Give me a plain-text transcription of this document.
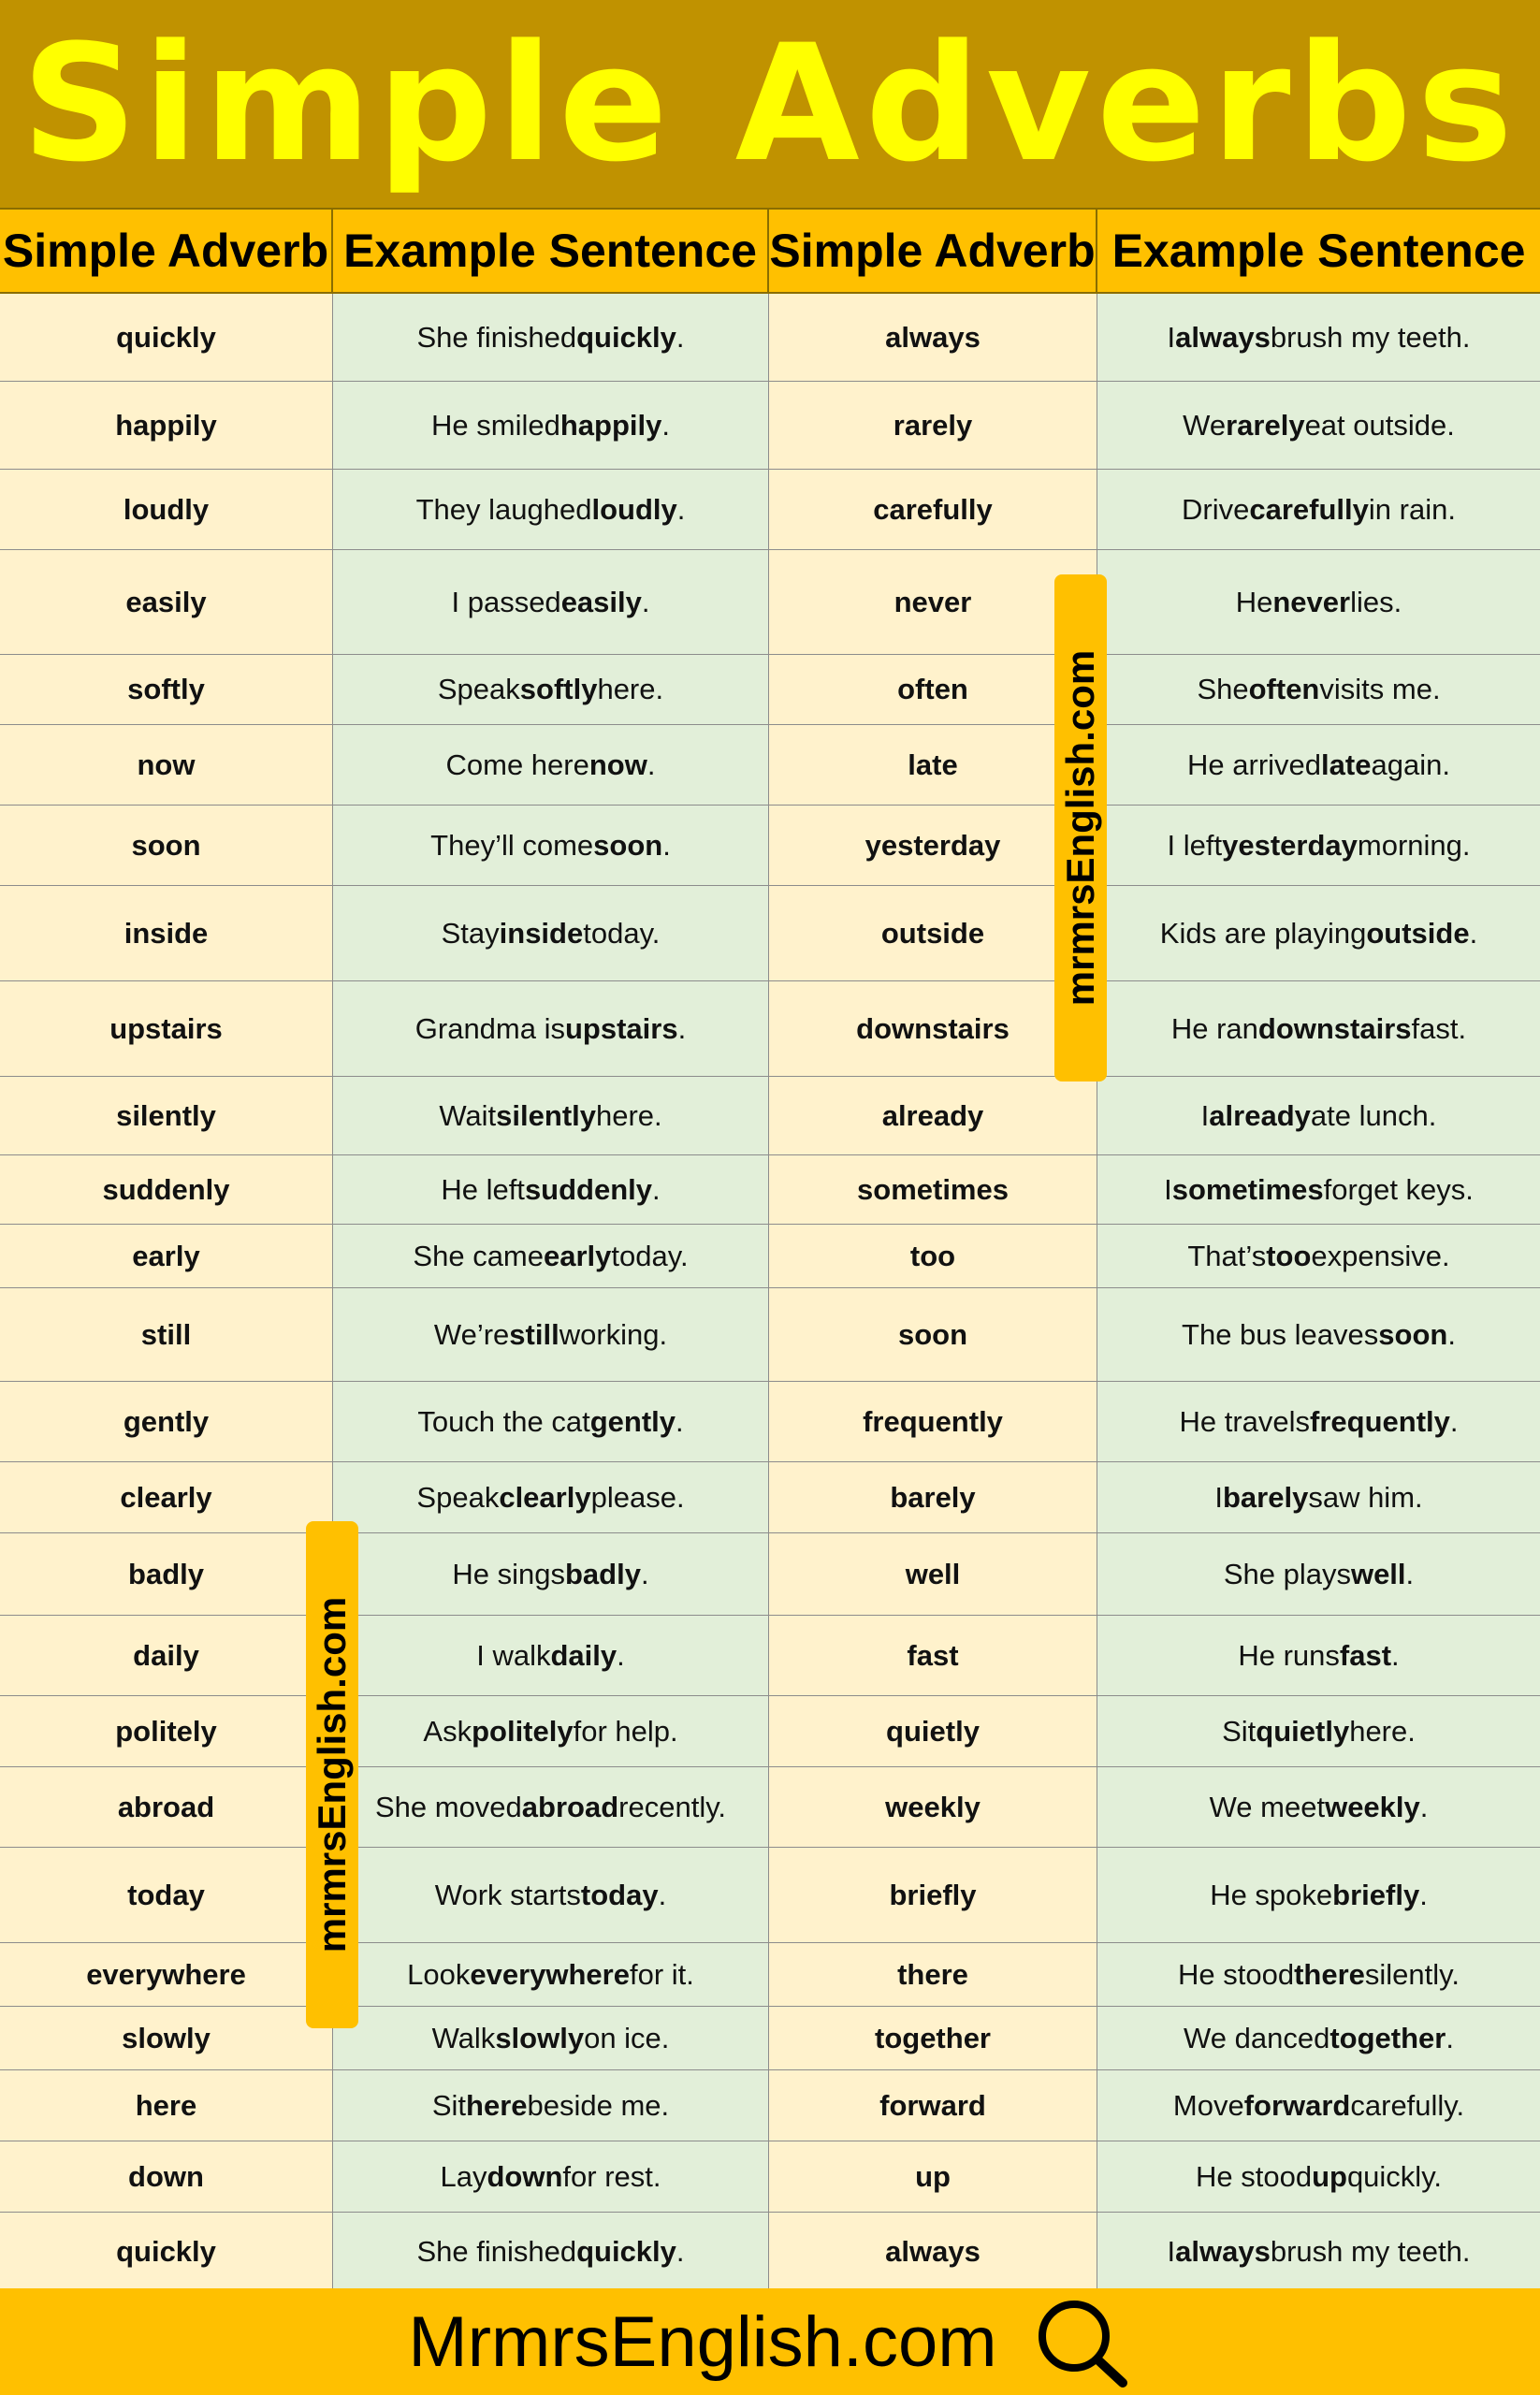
Simple Adverbs
Simple Adverb Example Sentence Simple Adverb Example Sentence
quickly	She finished quickly .	always	I always brush my teeth.
happily	He smiled happily .	rarely	We rarely eat outside.
loudly	They laughed loudly .	carefully	Drive carefully in rain.
easily	I passed easily .	never	He never lies.
softly	Speak softly here.	often	She often visits me.
now	Come here now .	late	He arrived late again.
soon	They’ll come soon .	yesterday	I left yesterday morning.
inside	Stay inside today.	outside	Kids are playing outside .
upstairs	Grandma is upstairs .	downstairs	He ran downstairs fast.
silently	Wait silently here.	already	I already ate lunch.
suddenly	He left suddenly .	sometimes	I sometimes forget keys.
early	She came early today.	too	That’s too expensive.
still	We’re still working.	soon	The bus leaves soon .
gently	Touch the cat gently .	frequently	He travels frequently .
clearly	Speak clearly please.	barely	I barely saw him.
badly	He sings badly .	well	She plays well .
daily	I walk daily .	fast	He runs fast .
politely	Ask politely for help.	quietly	Sit quietly here.
abroad	She moved abroad recently.	weekly	We meet weekly .
today	Work starts today .	briefly	He spoke briefly .
everywhere	Look everywhere for it.	there	He stood there silently.
slowly	Walk slowly on ice.	together	We danced together .
here	Sit here beside me.	forward	Move forward carefully.
down	Lay down for rest.	up	He stood up quickly.
quickly	She finished quickly .	always	I always brush my teeth.
mrmrsEnglish.com
mrmrsEnglish.com
MrmrsEnglish.com
